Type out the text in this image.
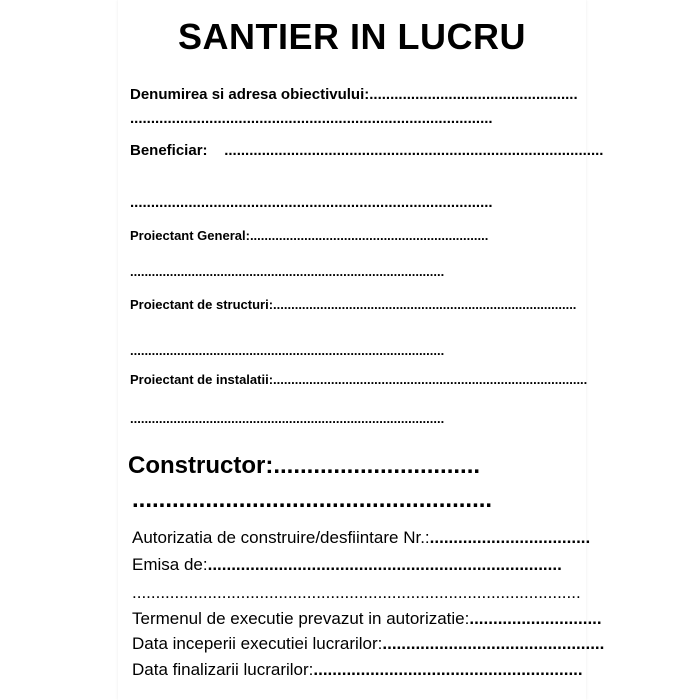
SANTIER IN LUCRU
Denumirea si adresa obiectivului:..................................................
.......................................................................................
Beneficiar: ...........................................................................................
.......................................................................................
Proiectant General:..................................................................
.......................................................................................
Proiectant de structuri:....................................................................................
.......................................................................................
Proiectant de instalatii:.......................................................................................
.......................................................................................
Constructor:...............................
......................................................
Autorizatia de construire/desfiintare Nr.:..................................
Emisa de:...........................................................................
...............................................................................................
Termenul de executie prevazut in autorizatie:............................
Data inceperii executiei lucrarilor:...............................................
Data finalizarii lucrarilor:.........................................................
